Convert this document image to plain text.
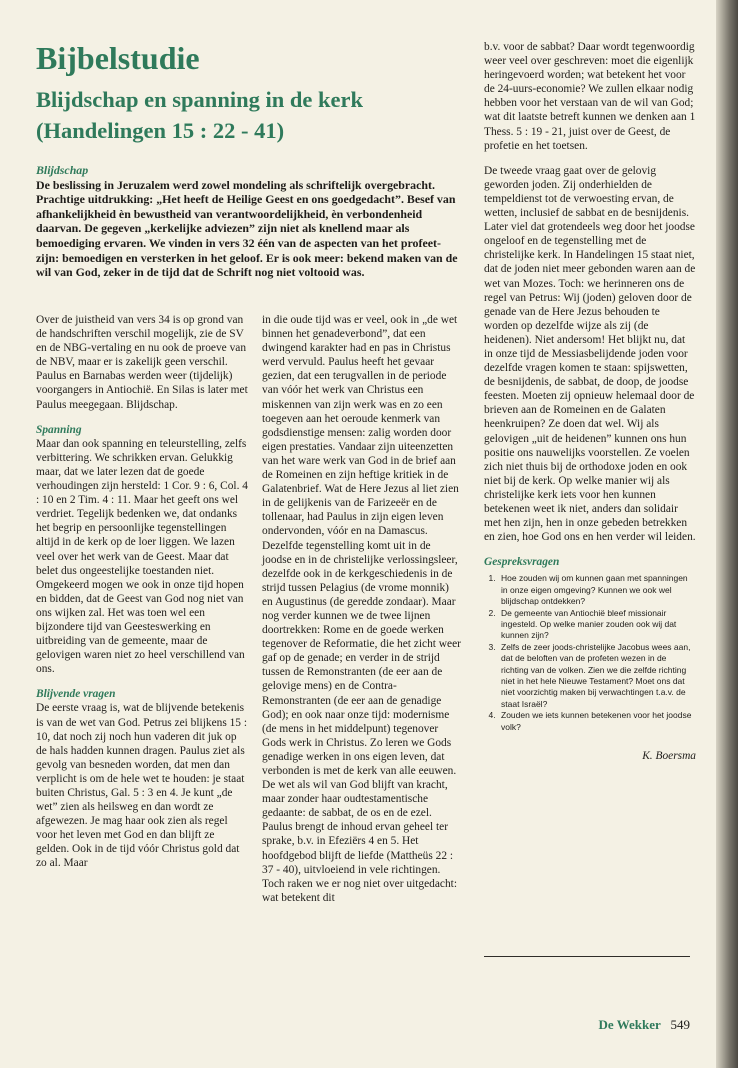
Bijbelstudie
Blijdschap en spanning in de kerk (Handelingen 15 : 22 - 41)
Blijdschap
De beslissing in Jeruzalem werd zowel mondeling als schriftelijk overgebracht. Prachtige uitdrukking: „Het heeft de Heilige Geest en ons goedgedacht”. Besef van afhankelijkheid èn bewustheid van verantwoordelijkheid, èn verbondenheid daarvan. De gegeven „kerkelijke adviezen” zijn niet als knellend maar als bemoediging ervaren. We vinden in vers 32 één van de aspecten van het profeet-zijn: bemoedigen en versterken in het geloof. Er is ook meer: bekend maken van de wil van God, zeker in de tijd dat de Schrift nog niet voltooid was.

Over de juistheid van vers 34 is op grond van de handschriften verschil mogelijk, zie de SV en de NBG-vertaling en nu ook de proeve van de NBV, maar er is zakelijk geen verschil. Paulus en Barnabas werden weer (tijdelijk) voorgangers in Antiochië. En Silas is later met Paulus meegegaan. Blijdschap.

Spanning

Maar dan ook spanning en teleurstelling, zelfs verbittering. We schrikken ervan. Gelukkig maar, dat we later lezen dat de goede verhoudingen zijn hersteld: 1 Cor. 9 : 6, Col. 4 : 10 en 2 Tim. 4 : 11. Maar het geeft ons wel verdriet. Tegelijk bedenken we, dat ondanks het begrip en persoonlijke tegenstellingen altijd in de kerk op de loer liggen. We lazen veel over het werk van de Geest. Maar dat belet dus ongeestelijke toestanden niet. Omgekeerd mogen we ook in onze tijd hopen en bidden, dat de Geest van God nog niet van ons wijken zal. Het was toen wel een bijzondere tijd van Geesteswerking en uitbreiding van de gemeente, maar de gelovigen waren niet zo heel verschillend van ons.

Blijvende vragen

De eerste vraag is, wat de blijvende betekenis is van de wet van God. Petrus zei blijkens 15 : 10, dat noch zij noch hun vaderen dit juk op de hals hadden kunnen dragen. Paulus ziet als gevolg van besneden worden, dat men dan verplicht is om de hele wet te houden: je staat buiten Christus, Gal. 5 : 3 en 4. Je kunt „de wet” zien als heilsweg en dan wordt ze afgewezen. Je mag haar ook zien als regel voor het leven met God en dan blijft ze gelden. Ook in de tijd vóór Christus gold dat zo al. Maar

in die oude tijd was er veel, ook in „de wet binnen het genadeverbond”, dat een dwingend karakter had en pas in Christus werd vervuld. Paulus heeft het gevaar gezien, dat een terugvallen in de periode van vóór het werk van Christus een miskennen van zijn werk was en zo een toegeven aan het oeroude kenmerk van godsdienstige mensen: zalig worden door eigen prestaties. Vandaar zijn uiteenzetten van het ware werk van God in de brief aan de Romeinen en zijn heftige kritiek in de Galatenbrief. Wat de Here Jezus al liet zien in de gelijkenis van de Farizeeër en de tollenaar, had Paulus in zijn eigen leven ondervonden, vóór en na Damascus. Dezelfde tegenstelling komt uit in de joodse en in de christelijke verlossingsleer, dezelfde ook in de kerkgeschiedenis in de strijd tussen Pelagius (de vrome monnik) en Augustinus (de geredde zondaar). Maar nog verder kunnen we de twee lijnen doortrekken: Rome en de goede werken tegenover de Reformatie, die het zicht weer gaf op de genade; en verder in de strijd tussen de Remonstranten (de eer aan de gelovige mens) en de Contra-Remonstranten (de eer aan de genadige God); en ook naar onze tijd: modernisme (de mens in het middelpunt) tegenover Gods werk in Christus. Zo leren we Gods genadige werken in ons eigen leven, dat verbonden is met de kerk van alle eeuwen. De wet als wil van God blijft van kracht, maar zonder haar oudtestamentische gedaante: de sabbat, de os en de ezel. Paulus brengt de inhoud ervan geheel ter sprake, b.v. in Efeziërs 4 en 5. Het hoofdgebod blijft de liefde (Mattheüs 22 : 37 - 40), uitvloeiend in vele richtingen. Toch raken we er nog niet over uitgedacht: wat betekent dit

b.v. voor de sabbat? Daar wordt tegenwoordig weer veel over geschreven: moet die eigenlijk heringevoerd worden; wat betekent het voor de 24-uurs-economie? We zullen elkaar nodig hebben voor het verstaan van de wil van God; wat dit laatste betreft kunnen we denken aan 1 Thess. 5 : 19 - 21, juist over de Geest, de profetie en het toetsen.

De tweede vraag gaat over de gelovig geworden joden. Zij onderhielden de tempeldienst tot de verwoesting ervan, de wetten, inclusief de sabbat en de besnijdenis. Later viel dat grotendeels weg door het joodse ongeloof en de tegenstelling met de christelijke kerk. In Handelingen 15 staat niet, dat de joden niet meer gebonden waren aan de wet van Mozes. Toch: we herinneren ons de regel van Petrus: Wij (joden) geloven door de genade van de Here Jezus behouden te worden op dezelfde wijze als zij (de heidenen). Niet andersom! Het blijkt nu, dat in onze tijd de Messiasbelijdende joden voor dezelfde vragen komen te staan: spijswetten, de besnijdenis, de sabbat, de doop, de joodse feesten. Moeten zij opnieuw helemaal door de brieven aan de Romeinen en de Galaten heenkruipen? Ze doen dat wel. Wij als gelovigen „uit de heidenen” kunnen ons hun positie ons nauwelijks voorstellen. Ze voelen zich niet thuis bij de orthodoxe joden en ook niet bij de kerk. Op welke manier wij als christelijke kerk iets voor hen kunnen betekenen weet ik niet, anders dan solidair met hen zijn, hen in onze gebeden betrekken en zien, hoe God ons en hen verder wil leiden.

Gespreksvragen
1. Hoe zouden wij om kunnen gaan met spanningen in onze eigen omgeving? Kunnen we ook wel blijdschap ontdekken?
2. De gemeente van Antiochië bleef missionair ingesteld. Op welke manier zouden ook wij dat kunnen zijn?
3. Zelfs de zeer joods-christelijke Jacobus wees aan, dat de beloften van de profeten wezen in de richting van de volken. Zien we die zelfde richting niet in het hele Nieuwe Testament? Moet ons dat niet voorzichtig maken bij verwachtingen t.a.v. de staat Israël?
4. Zouden we iets kunnen betekenen voor het joodse volk?
K. Boersma
De Wekker 549
